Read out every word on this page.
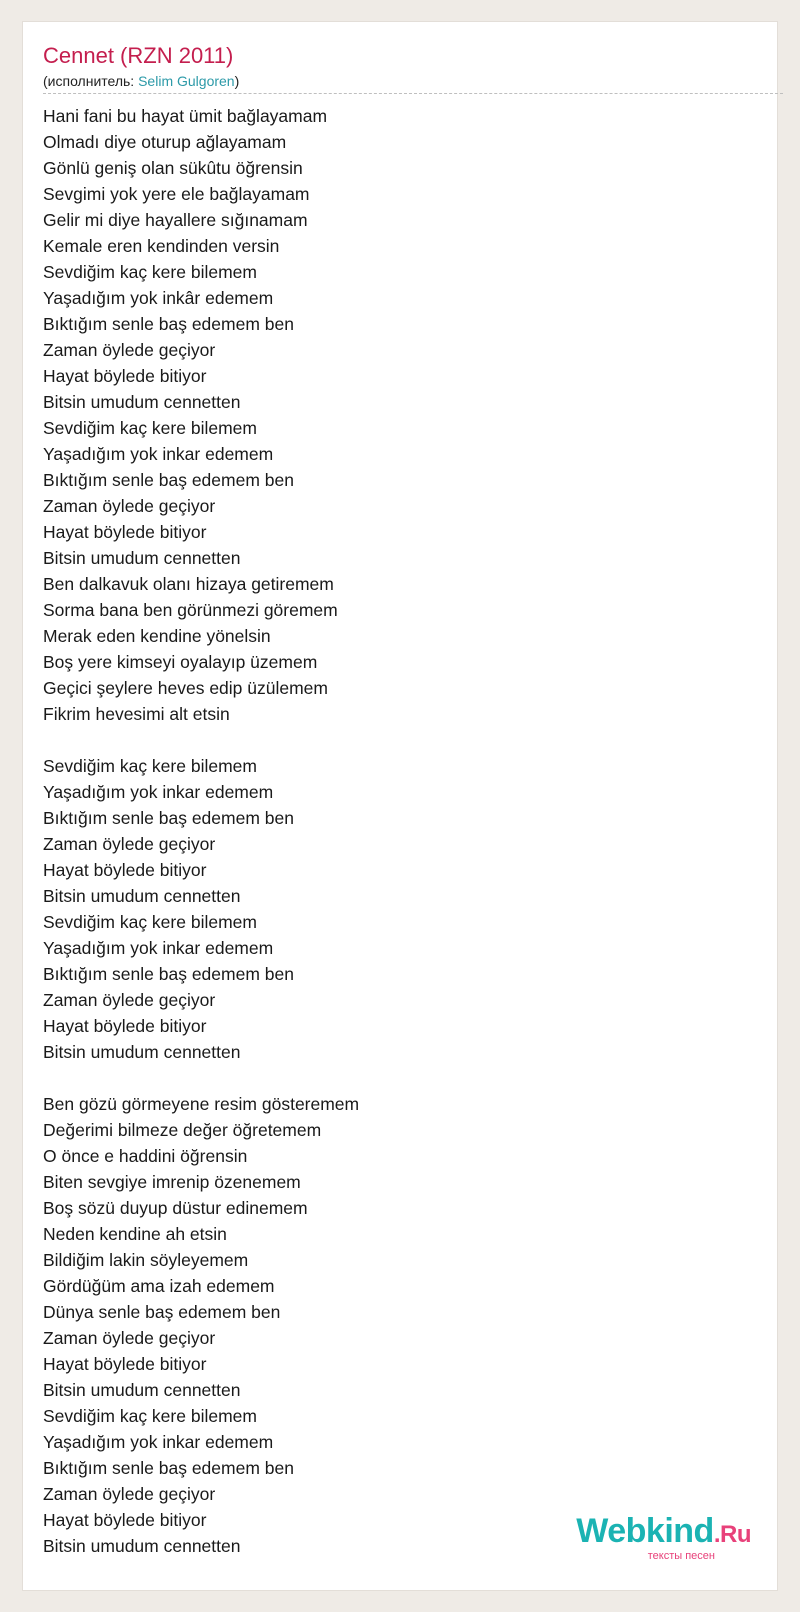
Cennet (RZN 2011)
(исполнитель: Selim Gulgoren)
Hani fani bu hayat ümit bağlayamam
Olmadı diye oturup ağlayamam
Gönlü geniş olan sükûtu öğrensin
Sevgimi yok yere ele bağlayamam
Gelir mi diye hayallere sığınamam
Kemale eren kendinden versin
Sevdiğim kaç kere bilemem
Yaşadığım yok inkâr edemem
Bıktığım senle baş edemem ben
Zaman öylede geçiyor
Hayat böylede bitiyor
Bitsin umudum cennetten
Sevdiğim kaç kere bilemem
Yaşadığım yok inkar edemem
Bıktığım senle baş edemem ben
Zaman öylede geçiyor
Hayat böylede bitiyor
Bitsin umudum cennetten
Ben dalkavuk olanı hizaya getiremem
Sorma bana ben görünmezi göremem
Merak eden kendine yönelsin
Boş yere kimseyi oyalayıp üzemem
Geçici şeylere heves edip üzülemem
Fikrim hevesimi alt etsin
Sevdiğim kaç kere bilemem
Yaşadığım yok inkar edemem
Bıktığım senle baş edemem ben
Zaman öylede geçiyor
Hayat böylede bitiyor
Bitsin umudum cennetten
Sevdiğim kaç kere bilemem
Yaşadığım yok inkar edemem
Bıktığım senle baş edemem ben
Zaman öylede geçiyor
Hayat böylede bitiyor
Bitsin umudum cennetten
Ben gözü görmeyene resim gösteremem
Değerimi bilmeze değer öğretemem
O önce e haddini öğrensin
Biten sevgiye imrenip özenemem
Boş sözü duyup düstur edinemem
Neden kendine ah etsin
Bildiğim lakin söyleyemem
Gördüğüm ama izah edemem
Dünya senle baş edemem ben
Zaman öylede geçiyor
Hayat böylede bitiyor
Bitsin umudum cennetten
Sevdiğim kaç kere bilemem
Yaşadığım yok inkar edemem
Bıktığım senle baş edemem ben
Zaman öylede geçiyor
Hayat böylede bitiyor
Bitsin umudum cennetten	Webkind.Ru
тексты песен
